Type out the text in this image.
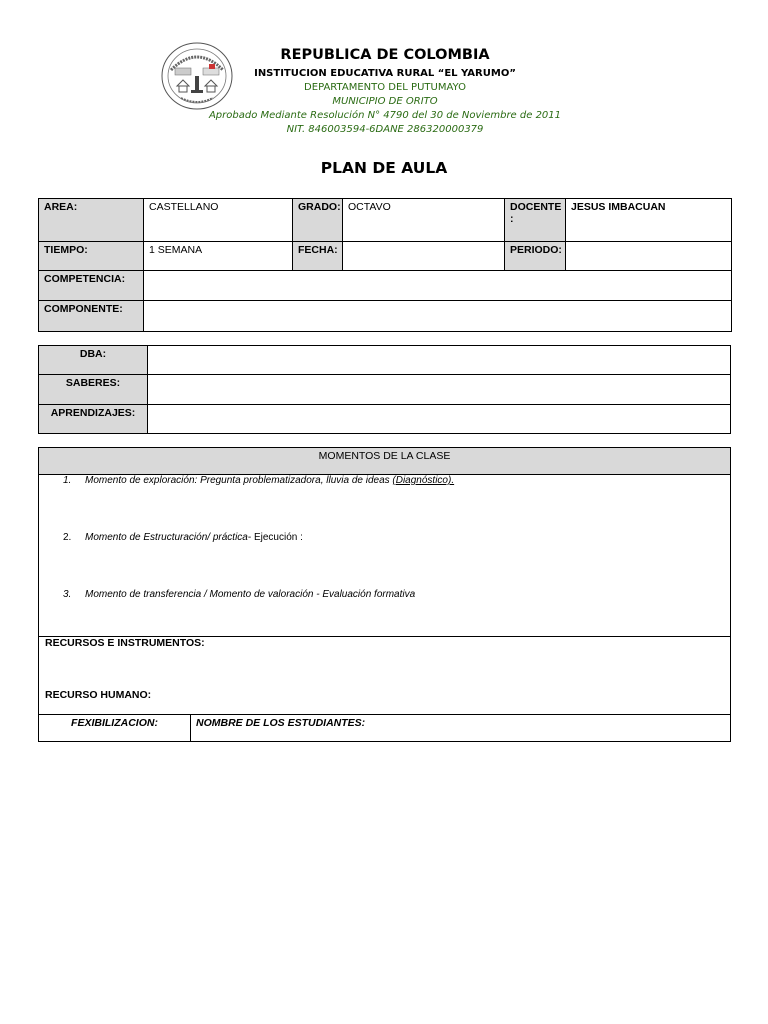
REPUBLICA DE COLOMBIA
INSTITUCION EDUCATIVA RURAL “EL YARUMO”
DEPARTAMENTO DEL PUTUMAYO
MUNICIPIO DE ORITO
Aprobado Mediante Resolución N° 4790 del 30 de Noviembre de 2011
NIT. 846003594-6DANE 286320000379
PLAN DE AULA
AREA:	CASTELLANO	GRADO:	OCTAVO	DOCENTE :	JESUS IMBACUAN
TIEMPO:	1 SEMANA	FECHA:		PERIODO:	
COMPETENCIA:					
COMPONENTE:					
DBA:	
SABERES:	
APRENDIZAJES:	
MOMENTOS DE LA CLASE

1. Momento de exploración: Pregunta problematizadora, lluvia de ideas (Diagnóstico).
2. Momento de Estructuración/ práctica- Ejecución :
3. Momento de transferencia / Momento de valoración - Evaluación formativa

RECURSOS E INSTRUMENTOS:
RECURSO HUMANO:

FEXIBILIZACION:	NOMBRE DE LOS ESTUDIANTES:
